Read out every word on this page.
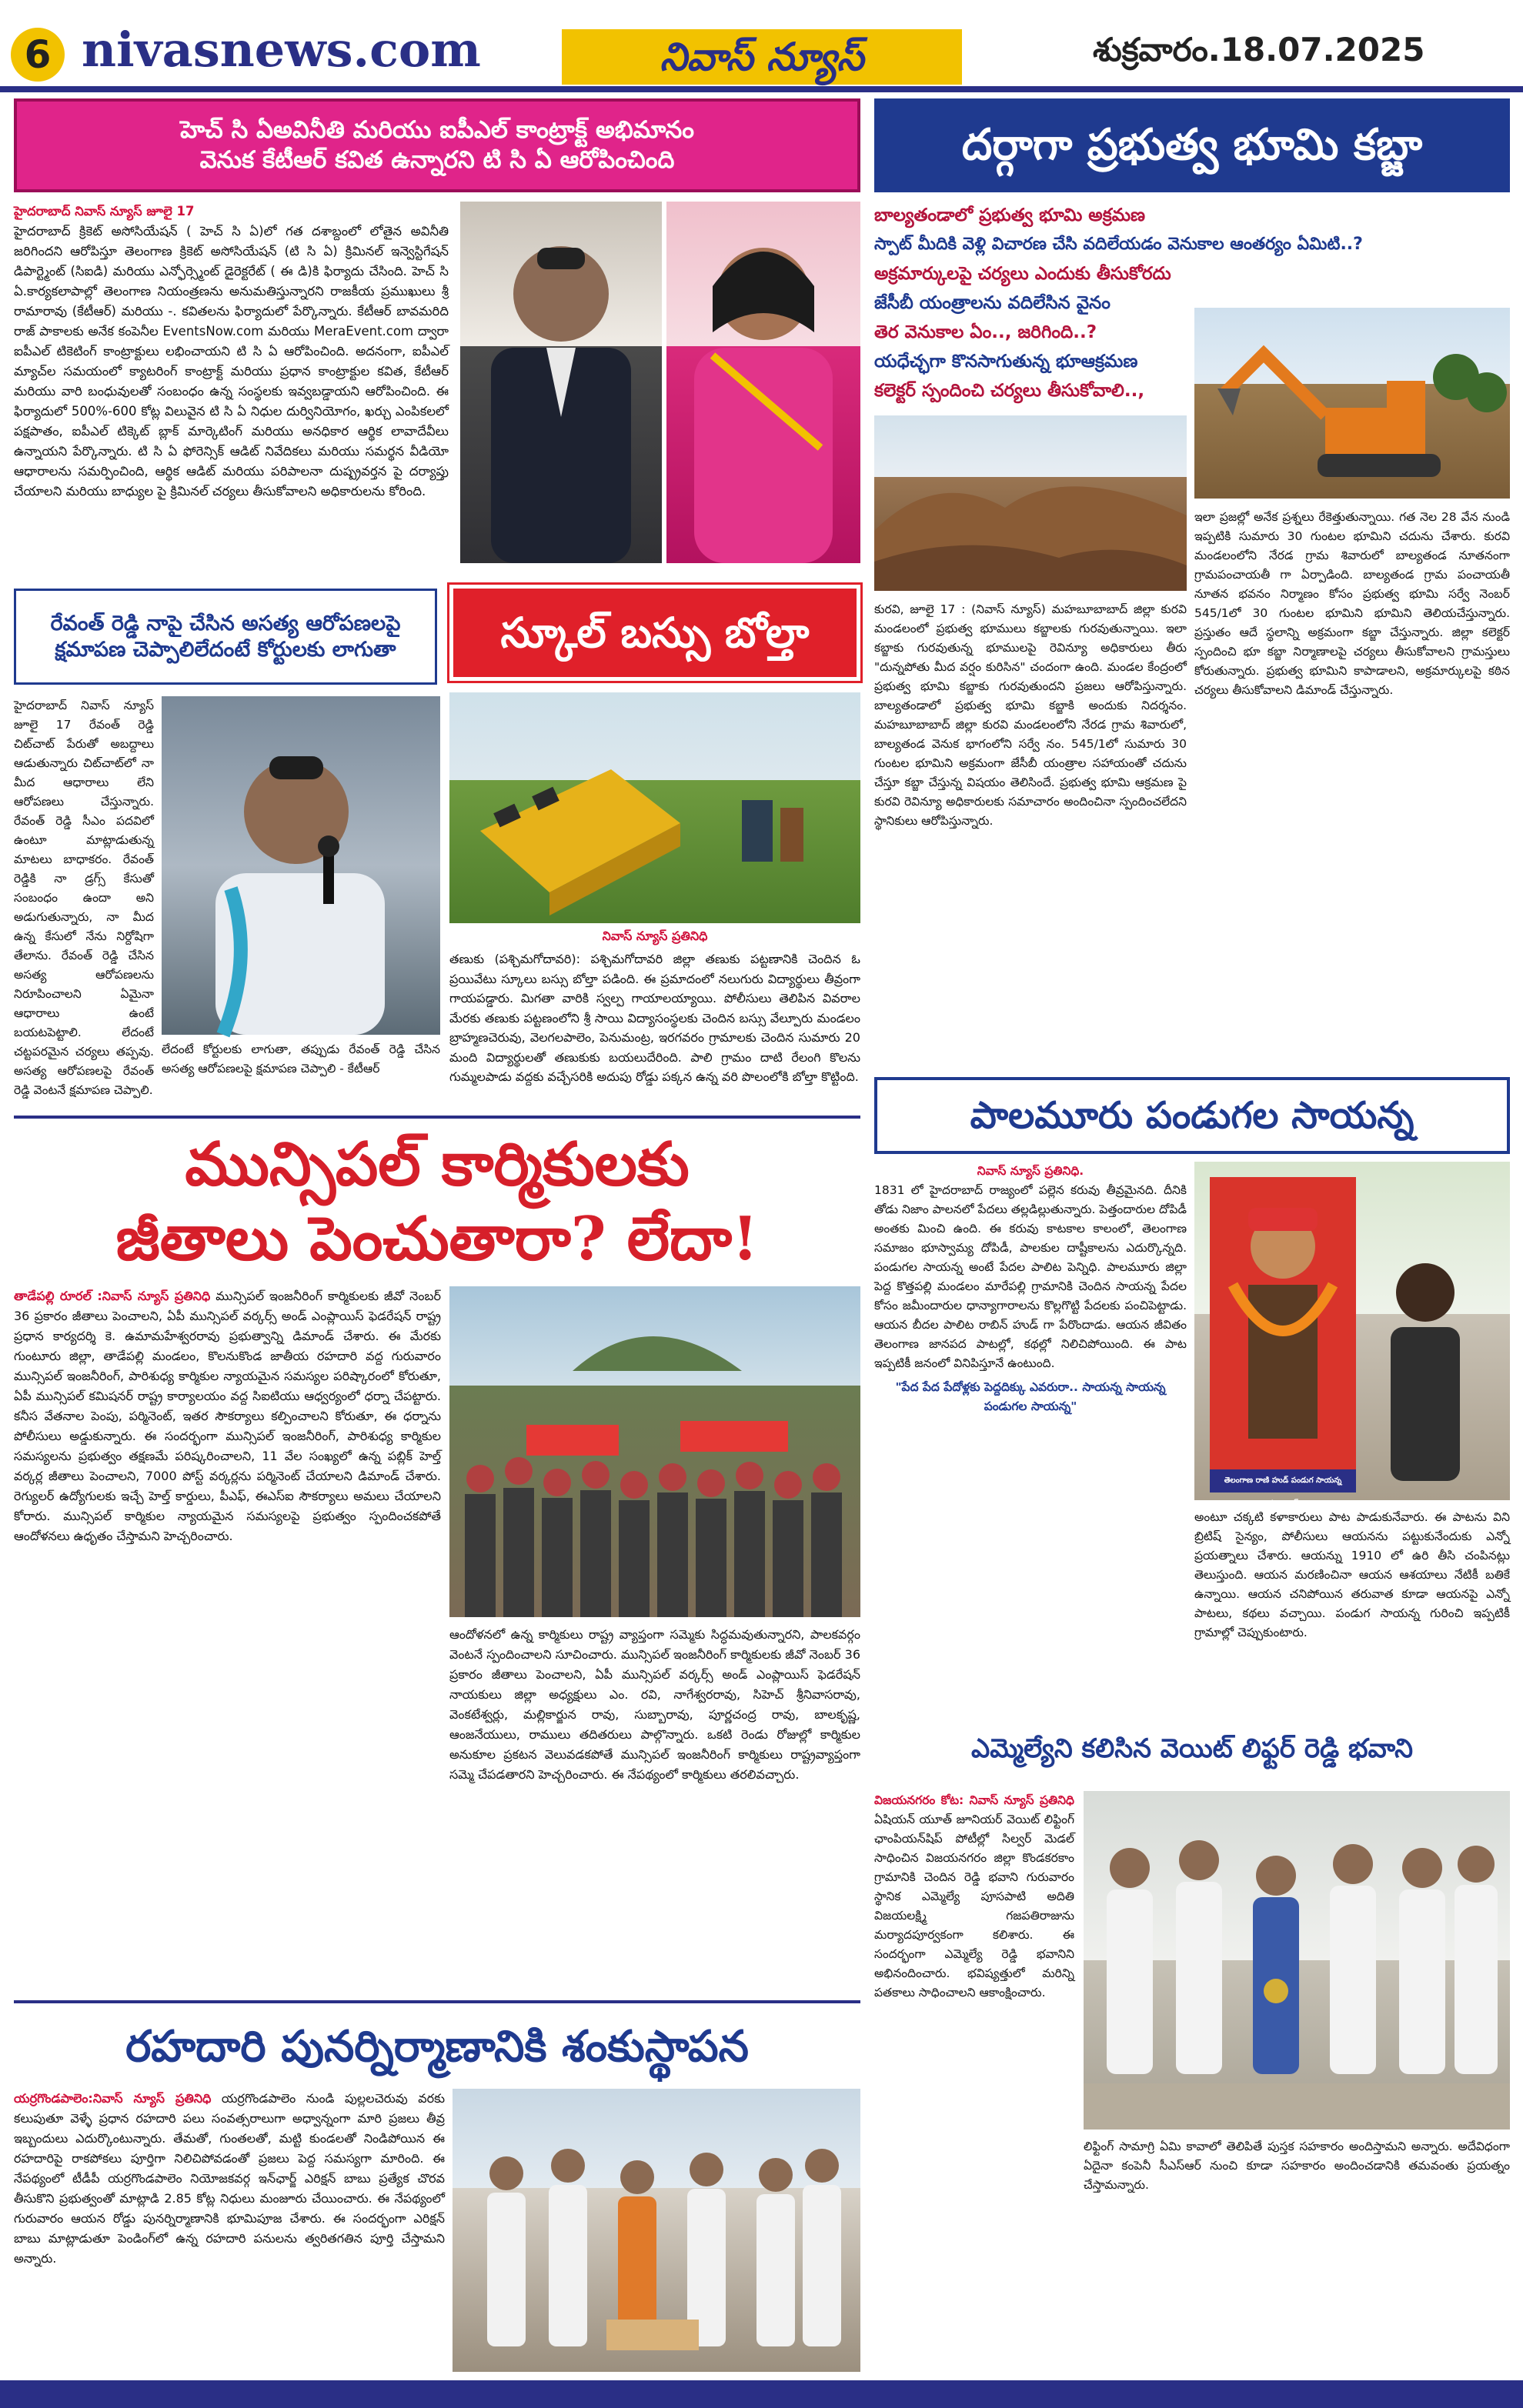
6 nivasnews.com	నివాస్ న్యూస్	శుక్రవారం.18.07.2025
హెచ్ సి ఏఅవినీతి మరియు ఐపీఎల్ కాంట్రాక్ట్ అభిమానం
వెనుక కేటీఆర్ కవిత ఉన్నారని టి సి ఏ ఆరోపించింది
హైదరాబాద్ నివాస్ న్యూస్ జూలై 17
హైదరాబాద్ క్రికెట్ అసోసియేషన్ ( హెచ్ సి ఏ)లో గత దశాబ్దంలో లోతైన అవినీతి జరిగిందని ఆరోపిస్తూ తెలంగాణ క్రికెట్ అసోసియేషన్ (టి సి ఏ) క్రిమినల్ ఇన్వెస్టిగేషన్ డిపార్ట్మెంట్ (సిఐడి) మరియు ఎన్ఫోర్స్మెంట్ డైరెక్టరేట్ ( ఈ డి)కి ఫిర్యాదు చేసింది. హెచ్ సి ఏ.కార్యకలాపాల్లో తెలంగాణ నియంత్రణను అనుమతిస్తున్నారని రాజకీయ ప్రముఖులు శ్రీ రామారావు (కేటీఆర్) మరియు -. కవితలను ఫిర్యాదులో పేర్కొన్నారు. కేటీఆర్ బావమరిది రాజ్ పాకాలకు అనేక కంపెనీల EventsNow.com మరియు MeraEvent.com ద్వారా ఐపీఎల్ టికెటింగ్ కాంట్రాక్టులు లభించాయని టి సి ఏ ఆరోపించింది. అదనంగా, ఐపీఎల్ మ్యాచ్‌ల సమయంలో క్యాటరింగ్ కాంట్రాక్ట్ మరియు ప్రధాన కాంట్రాక్టుల కవిత, కేటీఆర్ మరియు వారి బంధువులతో సంబంధం ఉన్న సంస్థలకు ఇవ్వబడ్డాయని ఆరోపించింది. ఈ ఫిర్యాదులో 500%-600 కోట్ల విలువైన టి సి ఏ నిధుల దుర్వినియోగం, ఖర్చు ఎంపికలలో పక్షపాతం, ఐపీఎల్ టిక్కెట్ బ్లాక్ మార్కెటింగ్ మరియు అనధికార ఆర్థిక లావాదేవీలు ఉన్నాయని పేర్కొన్నారు. టి సి ఏ ఫోరెన్సిక్ ఆడిట్ నివేదికలు మరియు సమర్థన వీడియో ఆధారాలను సమర్పించింది, ఆర్థిక ఆడిట్ మరియు పరిపాలనా దుష్ప్రవర్తన పై దర్యాప్తు చేయాలని మరియు బాధ్యుల పై క్రిమినల్ చర్యలు తీసుకోవాలని అధికారులను కోరింది.
రేవంత్ రెడ్డి నాపై చేసిన అసత్య ఆరోపణలపై
క్షమాపణ చెప్పాలిలేదంటే కోర్టులకు లాగుతా
హైదరాబాద్ నివాస్ న్యూస్ జూలై 17 రేవంత్ రెడ్డి చిట్‌చాట్ పేరుతో అబద్దాలు ఆడుతున్నారు చిట్‌చాట్‌లో నా మీద ఆధారాలు లేని ఆరోపణలు చేస్తున్నారు. రేవంత్ రెడ్డి సీఎం పదవిలో ఉంటూ మాట్లాడుతున్న మాటలు బాధాకరం. రేవంత్ రెడ్డికి నా డ్రగ్స్ కేసుతో సంబంధం ఉందా అని అడుగుతున్నారు, నా మీద ఉన్న కేసులో నేను నిర్దోషిగా తేలాను. రేవంత్ రెడ్డి చేసిన అసత్య ఆరోపణలను నిరూపించాలని ఏమైనా ఆధారాలు ఉంటే బయటపెట్టాలి. లేదంటే చట్టపరమైన చర్యలు తప్పవు. అసత్య ఆరోపణలపై రేవంత్ రెడ్డి వెంటనే క్షమాపణ చెప్పాలి.
లేదంటే కోర్టులకు లాగుతా, తప్పుడు రేవంత్ రెడ్డి చేసిన అసత్య ఆరోపణలపై క్షమాపణ చెప్పాలి - కేటీఆర్
స్కూల్ బస్సు బోల్తా
నివాస్ న్యూస్ ప్రతినిధి
తణుకు (పశ్చిమగోదావరి): పశ్చిమగోదావరి జిల్లా తణుకు పట్టణానికి చెందిన ఓ ప్రయివేటు స్కూలు బస్సు బోల్తా పడింది. ఈ ప్రమాదంలో నలుగురు విద్యార్థులు తీవ్రంగా గాయపడ్డారు. మిగతా వారికి స్వల్ప గాయాలయ్యాయి. పోలీసులు తెలిపిన వివరాల మేరకు తణుకు పట్టణంలోని శ్రీ సాయి విద్యాసంస్థలకు చెందిన బస్సు వేల్పూరు మండలం బ్రాహ్మణచెరువు, వెలగలపాలెం, పెనుమంట్ర, ఇరగవరం గ్రామాలకు చెందిన సుమారు 20 మంది విద్యార్థులతో తణుకుకు బయలుదేరింది. పాలి గ్రామం దాటి రేలంగి కొలను గుమ్మలపాడు వద్దకు వచ్చేసరికి అదుపు రోడ్డు పక్కన ఉన్న వరి పొలంలోకి బోల్తా కొట్టింది.
మున్సిపల్ కార్మికులకు
జీతాలు పెంచుతారా? లేదా!
తాడేపల్లి రూరల్ :నివాస్ న్యూస్ ప్రతినిధి మున్సిపల్ ఇంజనీరింగ్ కార్మికులకు జీవో నెంబర్ 36 ప్రకారం జీతాలు పెంచాలని, ఏపీ మున్సిపల్ వర్కర్స్ అండ్ ఎంప్లాయిస్ ఫెడరేషన్ రాష్ట్ర ప్రధాన కార్యదర్శి కె. ఉమామహేశ్వరరావు ప్రభుత్వాన్ని డిమాండ్ చేశారు. ఈ మేరకు గుంటూరు జిల్లా, తాడేపల్లి మండలం, కొలనుకొండ జాతీయ రహదారి వద్ద గురువారం మున్సిపల్ ఇంజనీరింగ్, పారిశుధ్య కార్మికుల న్యాయమైన సమస్యల పరిష్కారంలో కోరుతూ, ఏపీ మున్సిపల్ కమిషనర్ రాష్ట్ర కార్యాలయం వద్ద సిఐటియు ఆధ్వర్యంలో ధర్నా చేపట్టారు. కనీస వేతనాల పెంపు, పర్మినెంట్, ఇతర సౌకర్యాలు కల్పించాలని కోరుతూ, ఈ ధర్నాను పోలీసులు అడ్డుకున్నారు. ఈ సందర్భంగా మున్సిపల్ ఇంజనీరింగ్, పారిశుధ్య కార్మికుల సమస్యలను ప్రభుత్వం తక్షణమే పరిష్కరించాలని, 11 వేల సంఖ్యలో ఉన్న పబ్లిక్ హెల్త్ వర్కర్ల జీతాలు పెంచాలని, 7000 పోస్ట్ వర్కర్లను పర్మినెంట్ చేయాలని డిమాండ్ చేశారు. రెగ్యులర్ ఉద్యోగులకు ఇచ్చే హెల్త్ కార్డులు, పీఎఫ్, ఈఎస్ఐ సౌకర్యాలు అమలు చేయాలని కోరారు. మున్సిపల్ కార్మికుల న్యాయమైన సమస్యలపై ప్రభుత్వం స్పందించకపోతే ఆందోళనలు ఉధృతం చేస్తామని హెచ్చరించారు.
ఆందోళనలో ఉన్న కార్మికులు రాష్ట్ర వ్యాప్తంగా సమ్మెకు సిద్ధమవుతున్నారని, పాలకవర్గం వెంటనే స్పందించాలని సూచించారు. మున్సిపల్ ఇంజనీరింగ్ కార్మికులకు జీవో నెంబర్ 36 ప్రకారం జీతాలు పెంచాలని, ఏపీ మున్సిపల్ వర్కర్స్ అండ్ ఎంప్లాయిస్ ఫెడరేషన్ నాయకులు జిల్లా అధ్యక్షులు ఎం. రవి, నాగేశ్వరరావు, సిహెచ్ శ్రీనివాసరావు, వెంకటేశ్వర్లు, మల్లికార్జున రావు, సుబ్బారావు, పూర్ణచంద్ర రావు, బాలకృష్ణ, ఆంజనేయులు, రాములు తదితరులు పాల్గొన్నారు. ఒకటి రెండు రోజుల్లో కార్మికుల అనుకూల ప్రకటన వెలువడకపోతే మున్సిపల్ ఇంజనీరింగ్ కార్మికులు రాష్ట్రవ్యాప్తంగా సమ్మె చేపడతారని హెచ్చరించారు. ఈ నేపథ్యంలో కార్మికులు తరలివచ్చారు.
రహదారి పునర్నిర్మాణానికి శంకుస్థాపన
యర్రగొండపాలెం:నివాస్ న్యూస్ ప్రతినిధి యర్రగొండపాలెం నుండి పుల్లలచెరువు వరకు కలుపుతూ వెళ్ళే ప్రధాన రహదారి పలు సంవత్సరాలుగా అధ్వాన్నంగా మారి ప్రజలు తీవ్ర ఇబ్బందులు ఎదుర్కొంటున్నారు. తేమతో, గుంతలతో, మట్టి కుండలతో నిండిపోయిన ఈ రహదారిపై రాకపోకలు పూర్తిగా నిలిచిపోవడంతో ప్రజలు పెద్ద సమస్యగా మారింది. ఈ నేపథ్యంలో టీడీపీ యర్రగొండపాలెం నియోజకవర్గ ఇన్‌ఛార్జ్ ఎరిక్షన్ బాబు ప్రత్యేక చొరవ తీసుకొని ప్రభుత్వంతో మాట్లాడి 2.85 కోట్ల నిధులు మంజూరు చేయించారు. ఈ నేపథ్యంలో గురువారం ఆయన రోడ్డు పునర్నిర్మాణానికి భూమిపూజ చేశారు. ఈ సందర్భంగా ఎరిక్షన్ బాబు మాట్లాడుతూ పెండింగ్‌లో ఉన్న రహదారి పనులను త్వరితగతిన పూర్తి చేస్తామని అన్నారు.
దర్గాగా ప్రభుత్వ భూమి కబ్జా
బాల్యతండాలో ప్రభుత్వ భూమి అక్రమణ
స్పాట్ మీదికి వెళ్లి విచారణ చేసి వదిలేయడం వెనుకాల ఆంతర్యం ఏమిటి..?
అక్రమార్కులపై చర్యలు ఎందుకు తీసుకోరదు
జేసీబీ యంత్రాలను వదిలేసిన వైనం
తెర వెనుకాల ఏం.., జరిగింది..?
యధేచ్ఛగా కొనసాగుతున్న భూఆక్రమణ
కలెక్టర్ స్పందించి చర్యలు తీసుకోవాలి..,
కురవి, జూలై 17 : (నివాస్ న్యూస్) మహబూబాబాద్ జిల్లా కురవి మండలంలో ప్రభుత్వ భూములు కబ్జాలకు గురవుతున్నాయి. ఇలా కబ్జాకు గురవుతున్న భూములపై రెవిన్యూ అధికారులు తీరు "దున్నపోతు మీద వర్షం కురిసిన" చందంగా ఉంది. మండల కేంద్రంలో ప్రభుత్వ భూమి కబ్జాకు గురవుతుందని ప్రజలు ఆరోపిస్తున్నారు. బాల్యతండాలో ప్రభుత్వ భూమి కబ్జాకి అందుకు నిదర్శనం. మహబూబాబాద్ జిల్లా కురవి మండలంలోని నేరడ గ్రామ శివారులో, బాల్యతండ వెనుక భాగంలోని సర్వే నం. 545/1లో సుమారు 30 గుంటల భూమిని అక్రమంగా జేసీబీ యంత్రాల సహాయంతో చదును చేస్తూ కబ్జా చేస్తున్న విషయం తెలిసిందే. ప్రభుత్వ భూమి ఆక్రమణ పై కురవి రెవిన్యూ అధికారులకు సమాచారం అందించినా స్పందించలేదని స్థానికులు ఆరోపిస్తున్నారు.
ఇలా ప్రజల్లో అనేక ప్రశ్నలు రేకెత్తుతున్నాయి. గత నెల 28 వేన నుండి ఇప్పటికి సుమారు 30 గుంటల భూమిని చదును చేశారు. కురవి మండలంలోని నేరడ గ్రామ శివారులో బాల్యతండ నూతనంగా గ్రామపంచాయతీ గా ఏర్పాడింది. బాల్యతండ గ్రామ పంచాయతీ నూతన భవనం నిర్మాణం కోసం ప్రభుత్వ భూమి సర్వే నెంబర్ 545/1లో 30 గుంటల భూమిని భూమిని తెలియచేస్తున్నారు. ప్రస్తుతం ఆదే స్థలాన్ని అక్రమంగా కబ్జా చేస్తున్నారు. జిల్లా కలెక్టర్ స్పందించి భూ కబ్జా నిర్మాణాలపై చర్యలు తీసుకోవాలని గ్రామస్తులు కోరుతున్నారు. ప్రభుత్వ భూమిని కాపాడాలని, అక్రమార్కులపై కఠిన చర్యలు తీసుకోవాలని డిమాండ్ చేస్తున్నారు.
పాలమూరు పండుగల సాయన్న
నివాస్ న్యూస్ ప్రతినిధి.
1831 లో హైదరాబాద్ రాజ్యంలో పల్లెన కరువు తీవ్రమైనది. దీనికి తోడు నిజాం పాలనలో పేదలు తల్లడిల్లుతున్నారు. పెత్తందారుల దోపిడీ అంతకు మించి ఉంది. ఈ కరువు కాటకాల కాలంలో, తెలంగాణ సమాజం భూస్వామ్య దోపిడీ, పాలకుల దాష్టీకాలను ఎదుర్కొన్నది. పండుగల సాయన్న అంటే పేదల పాలిట పెన్నిధి. పాలమూరు జిల్లా పెద్ద కొత్తపల్లి మండలం మారేపల్లి గ్రామానికి చెందిన సాయన్న పేదల కోసం జమీందారుల ధాన్యాగారాలను కొల్లగొట్టి పేదలకు పంచిపెట్టాడు. ఆయన బీదల పాలిట రాబిన్ హుడ్ గా పేరొందాడు. ఆయన జీవితం తెలంగాణ జానపద పాటల్లో, కథల్లో నిలిచిపోయింది. ఈ పాట ఇప్పటికీ జనంలో వినిపిస్తూనే ఉంటుంది.
"పేద పేద పేదోళ్లకు పెద్దదిక్కు ఎవరురా.. సాయన్న సాయన్న పండుగల సాయన్న"
తెలంగాణ రాణి హుడ్ పండుగ సాయన్న ముదిరాజ్
అంటూ చక్కటి కళాకారులు పాట పాడుకునేవారు. ఈ పాటను విని బ్రిటిష్ సైన్యం, పోలీసులు ఆయనను పట్టుకునేందుకు ఎన్నో ప్రయత్నాలు చేశారు. ఆయన్ను 1910 లో ఉరి తీసి చంపినట్లు తెలుస్తుంది. ఆయన మరణించినా ఆయన ఆశయాలు నేటికీ బతికే ఉన్నాయి. ఆయన చనిపోయిన తరువాత కూడా ఆయనపై ఎన్నో పాటలు, కథలు వచ్చాయి. పండుగ సాయన్న గురించి ఇప్పటికీ గ్రామాల్లో చెప్పుకుంటారు.
ఎమ్మెల్యేని కలిసిన వెయిట్ లిఫ్టర్ రెడ్డి భవాని
విజయనగరం కోట: నివాస్ న్యూస్ ప్రతినిధి ఏషియన్ యూత్ జూనియర్ వెయిట్ లిఫ్టింగ్ ఛాంపియన్‌షిప్ పోటీల్లో సిల్వర్ మెడల్ సాధించిన విజయనగరం జిల్లా కొండకరకాం గ్రామానికి చెందిన రెడ్డి భవాని గురువారం స్థానిక ఎమ్మెల్యే పూసపాటి అదితి విజయలక్ష్మి గజపతిరాజును మర్యాదపూర్వకంగా కలిశారు. ఈ సందర్భంగా ఎమ్మెల్యే రెడ్డి భవానిని అభినందించారు. భవిష్యత్తులో మరిన్ని పతకాలు సాధించాలని ఆకాంక్షించారు.
లిఫ్టింగ్ సామాగ్రి ఏమి కావాలో తెలిపితే పుస్తక సహకారం అందిస్తామని అన్నారు. అదేవిధంగా ఏదైనా కంపెనీ సీఎస్ఆర్ నుంచి కూడా సహకారం అందించడానికి తమవంతు ప్రయత్నం చేస్తామన్నారు.
